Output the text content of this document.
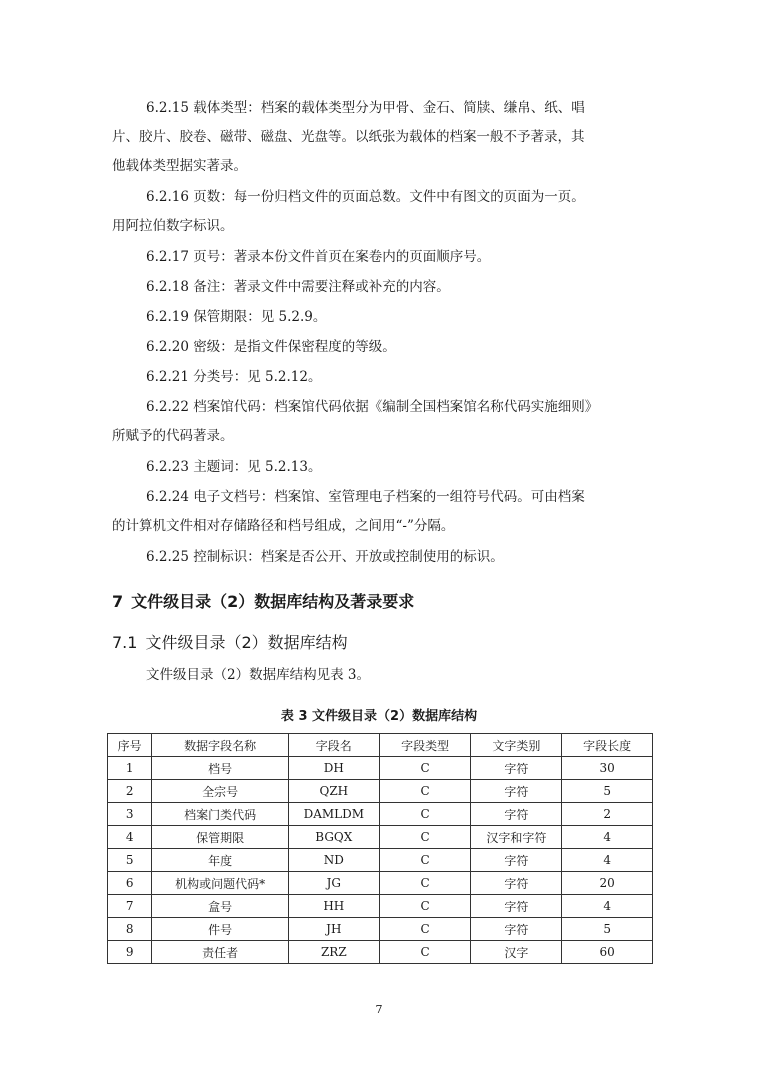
6.2.15 载体类型：档案的载体类型分为甲骨、金石、简牍、缣帛、纸、唱
片、胶片、胶卷、磁带、磁盘、光盘等。以纸张为载体的档案一般不予著录，其
他载体类型据实著录。
6.2.16 页数：每一份归档文件的页面总数。文件中有图文的页面为一页。
用阿拉伯数字标识。
6.2.17 页号：著录本份文件首页在案卷内的页面顺序号。
6.2.18 备注：著录文件中需要注释或补充的内容。
6.2.19 保管期限：见 5.2.9。
6.2.20 密级：是指文件保密程度的等级。
6.2.21 分类号：见 5.2.12。
6.2.22 档案馆代码：档案馆代码依据《编制全国档案馆名称代码实施细则》
所赋予的代码著录。
6.2.23 主题词：见 5.2.13。
6.2.24 电子文档号：档案馆、室管理电子档案的一组符号代码。可由档案
的计算机文件相对存储路径和档号组成，之间用“-”分隔。
6.2.25 控制标识：档案是否公开、开放或控制使用的标识。
7 文件级目录（2）数据库结构及著录要求
7.1 文件级目录（2）数据库结构
文件级目录（2）数据库结构见表 3。
表 3 文件级目录（2）数据库结构
序号	数据字段名称	字段名	字段类型	文字类别	字段长度
1	档号	DH	C	字符	30
2	全宗号	QZH	C	字符	5
3	档案门类代码	DAMLDM	C	字符	2
4	保管期限	BGQX	C	汉字和字符	4
5	年度	ND	C	字符	4
6	机构或问题代码*	JG	C	字符	20
7	盒号	HH	C	字符	4
8	件号	JH	C	字符	5
9	责任者	ZRZ	C	汉字	60
7
